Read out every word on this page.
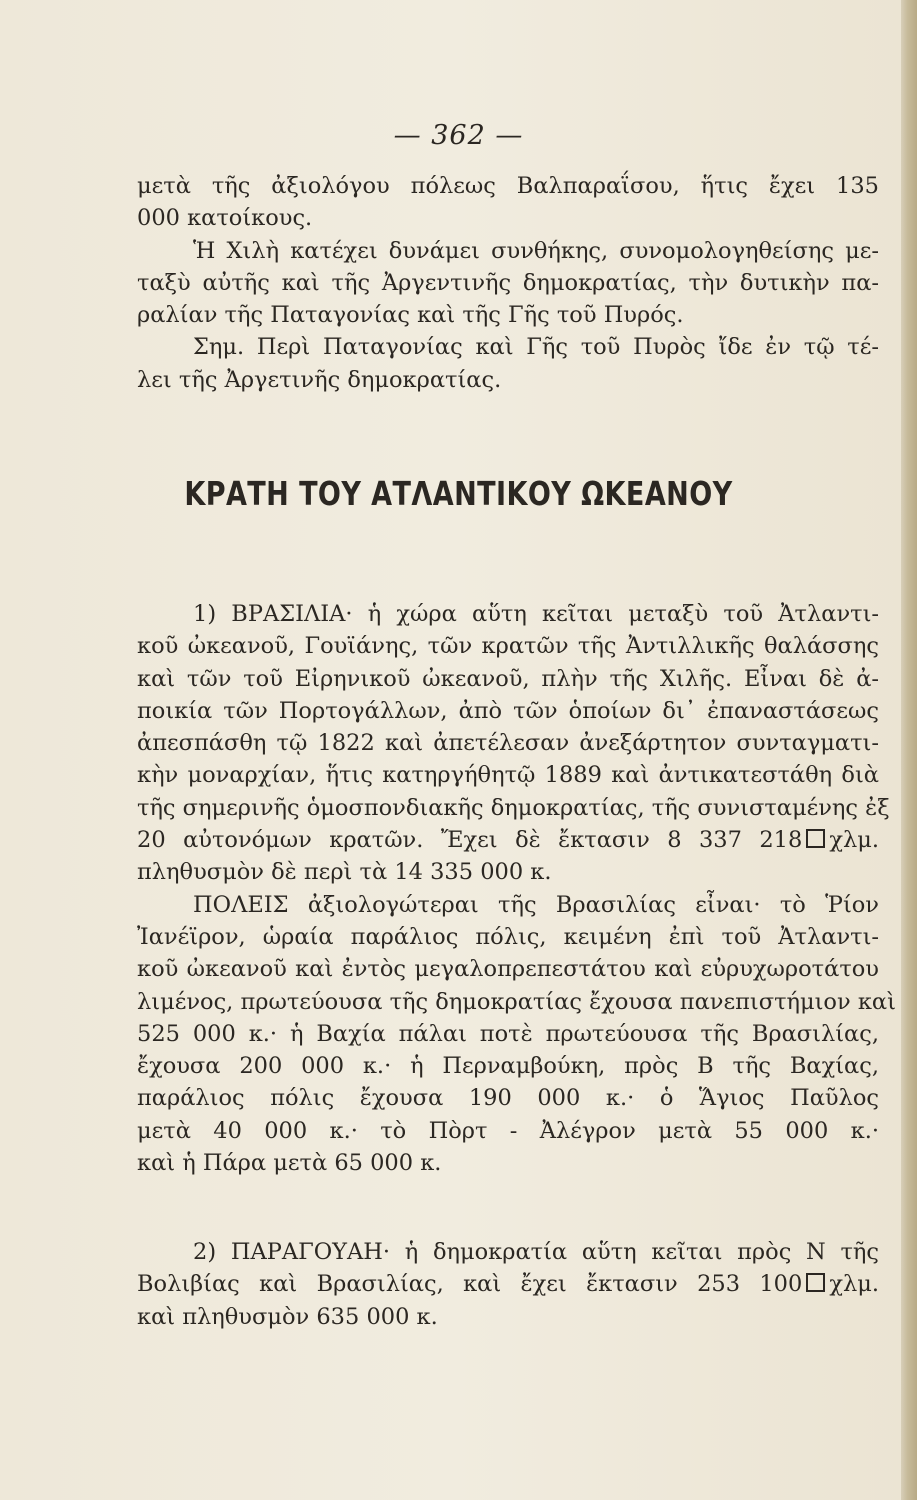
— 362 —
μετὰ τῆς ἀξιολόγου πόλεως Βαλπαραΐσου, ἥτις ἔχει 135
000 κατοίκους.
Ἡ Χιλὴ κατέχει δυνάμει συνθήκης, συνομολογηθείσης με-
ταξὺ αὐτῆς καὶ τῆς Ἀργεντινῆς δημοκρατίας, τὴν δυτικὴν πα-
ραλίαν τῆς Παταγονίας καὶ τῆς Γῆς τοῦ Πυρός.
Σημ. Περὶ Παταγονίας καὶ Γῆς τοῦ Πυρὸς ἴδε ἐν τῷ τέ-
λει τῆς Ἀργετινῆς δημοκρατίας.
ΚΡΑΤΗ ΤΟΥ ΑΤΛΑΝΤΙΚΟΥ ΩΚΕΑΝΟΥ
1) ΒΡΑΣΙΛΙΑ· ἡ χώρα αὕτη κεῖται μεταξὺ τοῦ Ἀτλαντι-
κοῦ ὠκεανοῦ, Γουϊάνης, τῶν κρατῶν τῆς Ἀντιλλικῆς θαλάσσης
καὶ τῶν τοῦ Εἰρηνικοῦ ὠκεανοῦ, πλὴν τῆς Χιλῆς. Εἶναι δὲ ἀ-
ποικία τῶν Πορτογάλλων, ἀπὸ τῶν ὁποίων δι᾽ ἐπαναστάσεως
ἀπεσπάσθη τῷ 1822 καὶ ἀπετέλεσαν ἀνεξάρτητον συνταγματι-
κὴν μοναρχίαν, ἥτις κατηργήθητῷ 1889 καὶ ἀντικατεστάθη διὰ
τῆς σημερινῆς ὁμοσπονδιακῆς δημοκρατίας, τῆς συνισταμένης ἐξ
20 αὐτονόμων κρατῶν. Ἔχει δὲ ἔκτασιν 8 337 218 χλμ.
πληθυσμὸν δὲ περὶ τὰ 14 335 000 κ.
ΠΟΛΕΙΣ ἀξιολογώτεραι τῆς Βρασιλίας εἶναι· τὸ Ῥίον
Ἰανέϊρον, ὡραία παράλιος πόλις, κειμένη ἐπὶ τοῦ Ἀτλαντι-
κοῦ ὠκεανοῦ καὶ ἐντὸς μεγαλοπρεπεστάτου καὶ εὐρυχωροτάτου
λιμένος, πρωτεύουσα τῆς δημοκρατίας ἔχουσα πανεπιστήμιον καὶ
525 000 κ.· ἡ Βαχία πάλαι ποτὲ πρωτεύουσα τῆς Βρασιλίας,
ἔχουσα 200 000 κ.· ἡ Περναμβούκη, πρὸς Β τῆς Βαχίας,
παράλιος πόλις ἔχουσα 190 000 κ.· ὁ Ἅγιος Παῦλος
μετὰ 40 000 κ.· τὸ Πὸρτ - Ἀλέγρον μετὰ 55 000 κ.·
καὶ ἡ Πάρα μετὰ 65 000 κ.
2) ΠΑΡΑΓΟΥΑΗ· ἡ δημοκρατία αὕτη κεῖται πρὸς Ν τῆς
Βολιβίας καὶ Βρασιλίας, καὶ ἔχει ἔκτασιν 253 100 χλμ.
καὶ πληθυσμὸν 635 000 κ.
